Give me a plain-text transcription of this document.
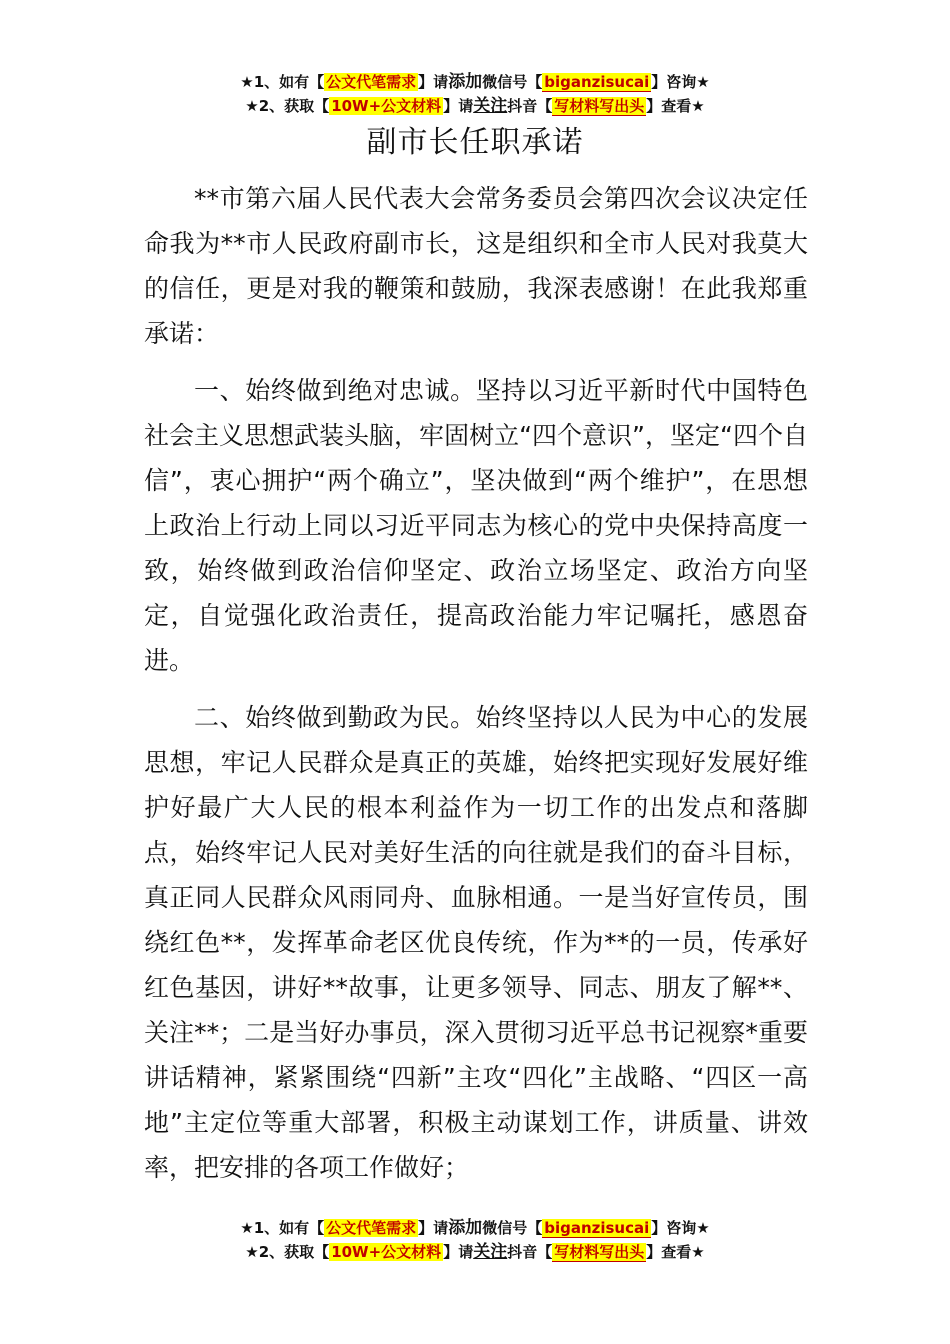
★1、如有【 公文代笔需求 】请添加微信号【 biganzisucai 】咨询★
★2、获取【 10W+公文材料 】请关注抖音【 写材料写出头 】查看★
副市长任职承诺

**市第六届人民代表大会常务委员会第四次会议决定任命我为**市人民政府副市长，这是组织和全市人民对我莫大的信任，更是对我的鞭策和鼓励，我深表感谢！在此我郑重承诺：

一、始终做到绝对忠诚。坚持以习近平新时代中国特色社会主义思想武装头脑，牢固树立“四个意识”，坚定“四个自信”，衷心拥护“两个确立”，坚决做到“两个维护”，在思想上政治上行动上同以习近平同志为核心的党中央保持高度一致，始终做到政治信仰坚定、政治立场坚定、政治方向坚定，自觉强化政治责任，提高政治能力牢记嘱托，感恩奋进。

二、始终做到勤政为民。始终坚持以人民为中心的发展思想，牢记人民群众是真正的英雄，始终把实现好发展好维护好最广大人民的根本利益作为一切工作的出发点和落脚点，始终牢记人民对美好生活的向往就是我们的奋斗目标，真正同人民群众风雨同舟、血脉相通。一是当好宣传员，围绕红色**，发挥革命老区优良传统，作为**的一员，传承好红色基因，讲好**故事，让更多领导、同志、朋友了解**、关注**；二是当好办事员，深入贯彻习近平总书记视察*重要讲话精神，紧紧围绕“四新”主攻“四化”主战略、“四区一高地”主定位等重大部署，积极主动谋划工作，讲质量、讲效率，把安排的各项工作做好；

★1、如有【 公文代笔需求 】请添加微信号【 biganzisucai 】咨询★
★2、获取【 10W+公文材料 】请关注抖音【 写材料写出头 】查看★
